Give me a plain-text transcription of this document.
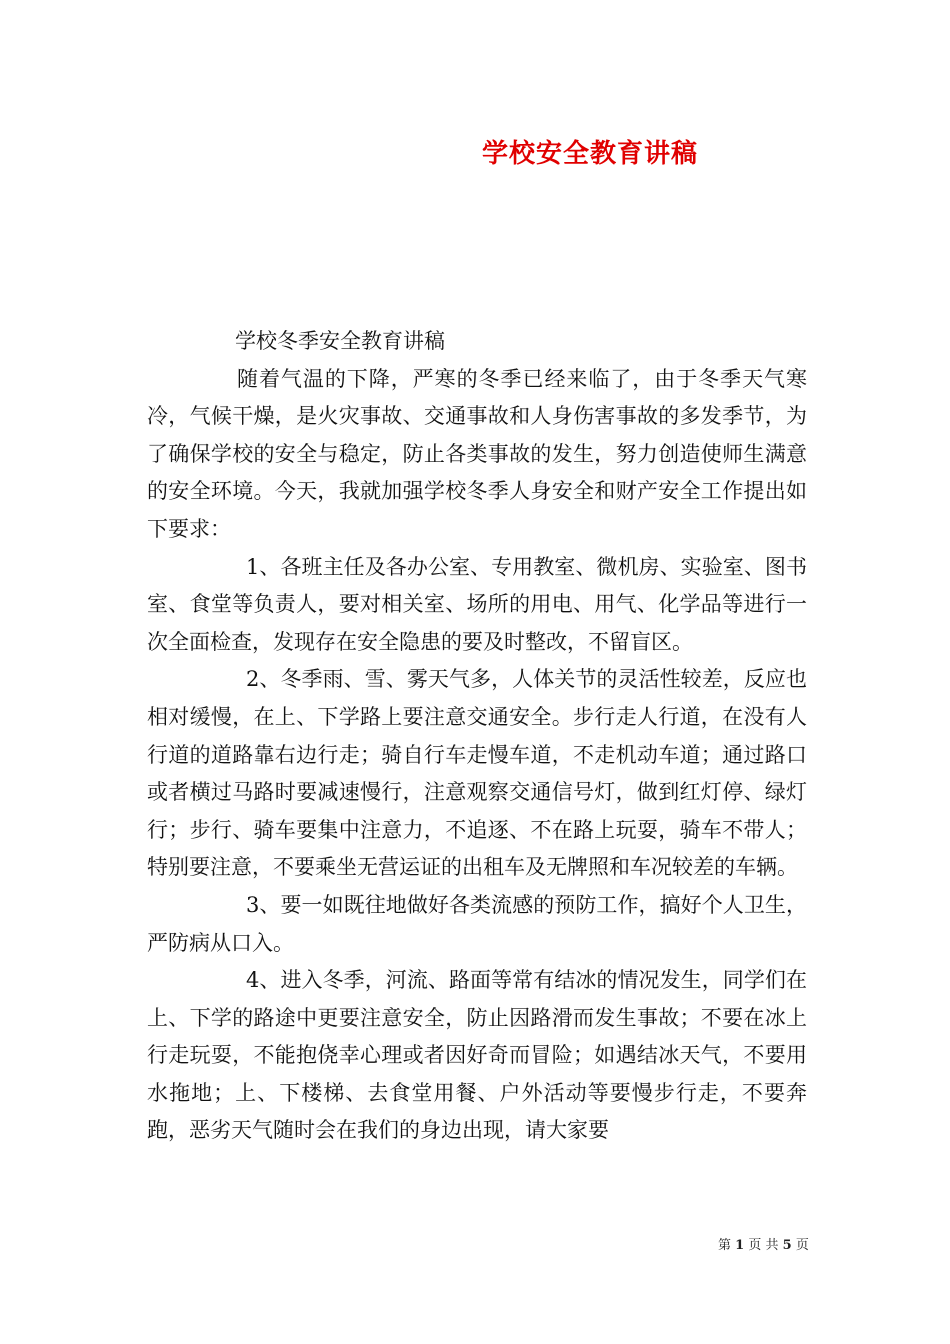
学校安全教育讲稿

学校冬季安全教育讲稿

随着气温的下降，严寒的冬季已经来临了，由于冬季天气寒冷，气候干燥，是火灾事故、交通事故和人身伤害事故的多发季节，为了确保学校的安全与稳定，防止各类事故的发生，努力创造使师生满意的安全环境。今天，我就加强学校冬季人身安全和财产安全工作提出如下要求：

1、各班主任及各办公室、专用教室、微机房、实验室、图书室、食堂等负责人，要对相关室、场所的用电、用气、化学品等进行一次全面检查，发现存在安全隐患的要及时整改，不留盲区。

2、冬季雨、雪、雾天气多，人体关节的灵活性较差，反应也相对缓慢，在上、下学路上要注意交通安全。步行走人行道，在没有人行道的道路靠右边行走；骑自行车走慢车道，不走机动车道；通过路口或者横过马路时要减速慢行，注意观察交通信号灯，做到红灯停、绿灯行；步行、骑车要集中注意力，不追逐、不在路上玩耍，骑车不带人；特别要注意，不要乘坐无营运证的出租车及无牌照和车况较差的车辆。

3、要一如既往地做好各类流感的预防工作，搞好个人卫生，严防病从口入。

4、进入冬季，河流、路面等常有结冰的情况发生，同学们在上、下学的路途中更要注意安全，防止因路滑而发生事故；不要在冰上行走玩耍，不能抱侥幸心理或者因好奇而冒险；如遇结冰天气，不要用水拖地；上、下楼梯、去食堂用餐、户外活动等要慢步行走，不要奔跑，恶劣天气随时会在我们的身边出现，请大家要

第 1 页 共 5 页
